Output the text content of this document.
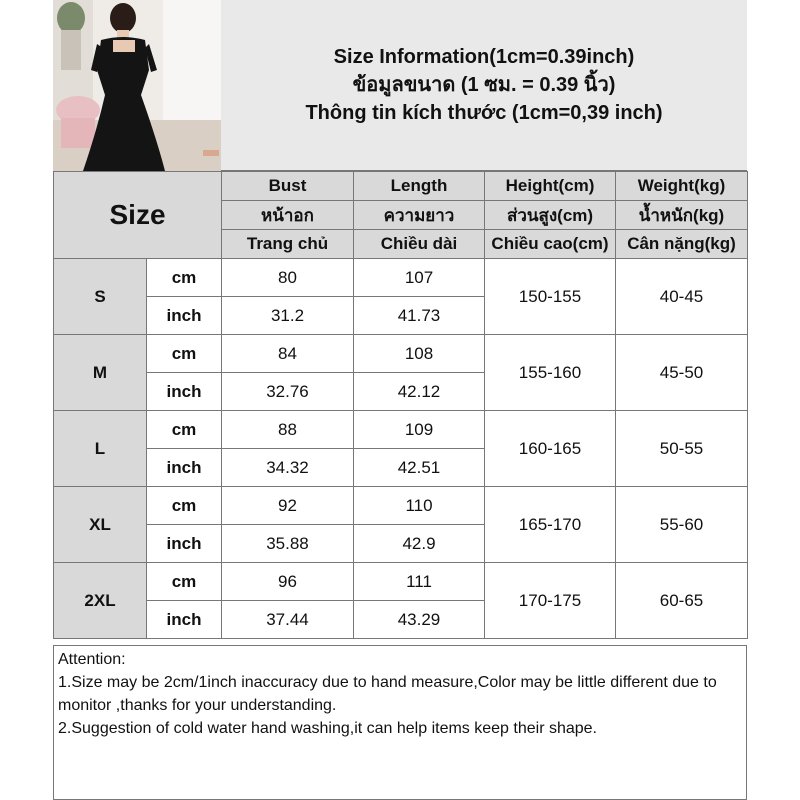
Size Information(1cm=0.39inch)
ข้อมูลขนาด (1 ซม. = 0.39 นิ้ว)
Thông tin kích thước (1cm=0,39 inch)
Size		Bust	Length	Height(cm)	Weight(kg)
		หน้าอก	ความยาว	ส่วนสูง(cm)	น้ำหนัก(kg)
		Trang chủ	Chiều dài	Chiều cao(cm)	Cân nặng(kg)
S	cm	80	107	150-155	40-45
	inch	31.2	41.73		
M	cm	84	108	155-160	45-50
	inch	32.76	42.12		
L	cm	88	109	160-165	50-55
	inch	34.32	42.51		
XL	cm	92	110	165-170	55-60
	inch	35.88	42.9		
2XL	cm	96	111	170-175	60-65
	inch	37.44	43.29		
Attention:
1.Size may be 2cm/1inch inaccuracy due to hand measure,Color may be little different due to monitor ,thanks for your understanding.
2.Suggestion of cold water hand washing,it can help items keep their shape.
